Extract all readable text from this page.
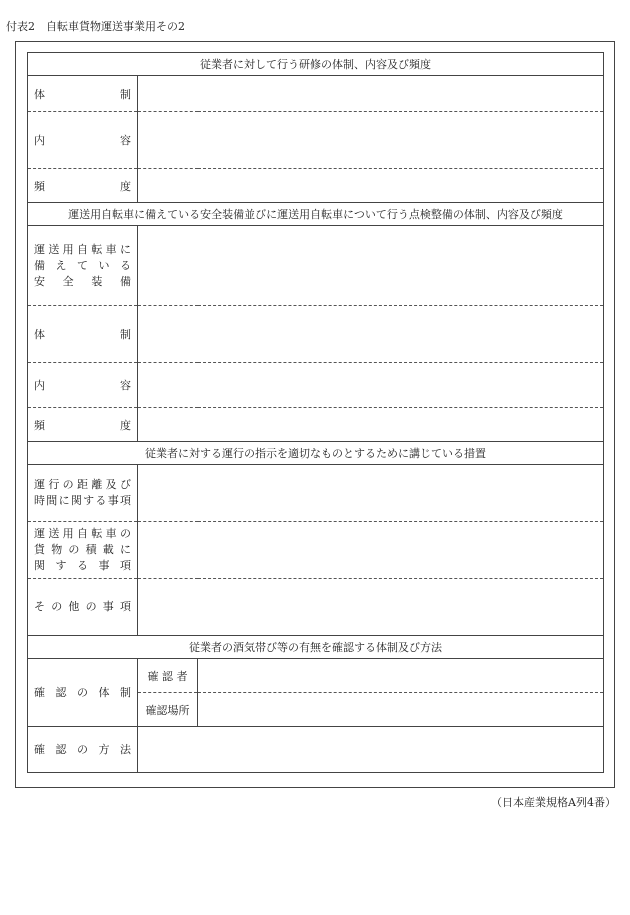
付表2　自転車貨物運送事業用その2
従業者に対して行う研修の体制、内容及び頻度		

体 制		

内 容		

頻 度		

運送用自転車に備えている安全装備並びに運送用自転車について行う点検整備の体制、内容及び頻度		

運送用自転車に
備えている
安全装備		

体 制		

内 容		

頻 度		

従業者に対する運行の指示を適切なものとするために講じている措置		

運行の距離及び
時間に関する事項		

運送用自転車の
貨物の積載に
関する事項		

その他の事項		

従業者の酒気帯び等の有無を確認する体制及び方法		

確認の体制	確 認 者	
	確認場所	

確認の方法		

（日本産業規格A列4番）
